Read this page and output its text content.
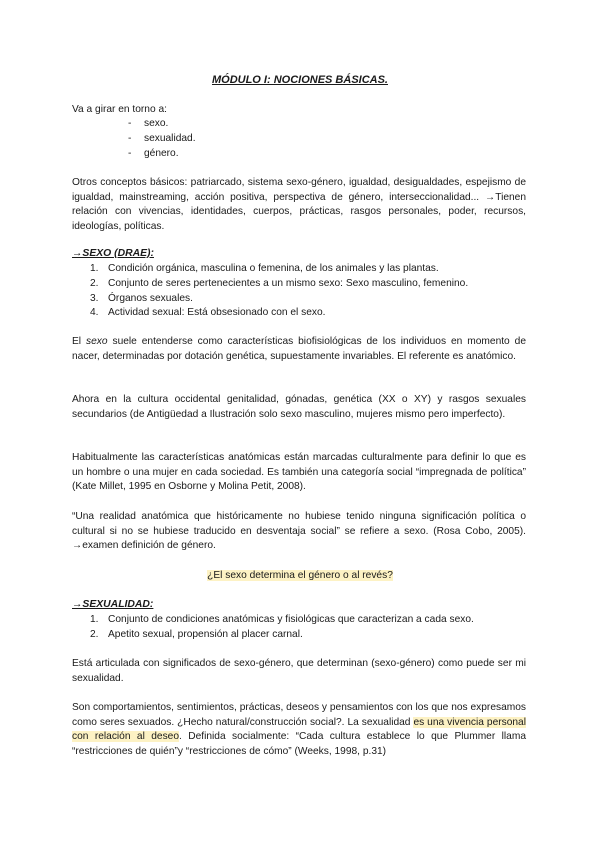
MÓDULO I: NOCIONES BÁSICAS.
Va a girar en torno a:
- sexo.
- sexualidad.
- género.

Otros conceptos básicos: patriarcado, sistema sexo-género, igualdad, desigualdades, espejismo de igualdad, mainstreaming, acción positiva, perspectiva de género, interseccionalidad... →Tienen relación con vivencias, identidades, cuerpos, prácticas, rasgos personales, poder, recursos, ideologías, políticas.

→SEXO (DRAE):
1. Condición orgánica, masculina o femenina, de los animales y las plantas.
2. Conjunto de seres pertenecientes a un mismo sexo: Sexo masculino, femenino.
3. Órganos sexuales.
4. Actividad sexual: Está obsesionado con el sexo.

El sexo suele entenderse como características biofisiológicas de los individuos en momento de nacer, determinadas por dotación genética, supuestamente invariables. El referente es anatómico.

Ahora en la cultura occidental genitalidad, gónadas, genética (XX o XY) y rasgos sexuales secundarios (de Antigüedad a Ilustración solo sexo masculino, mujeres mismo pero imperfecto).

Habitualmente las características anatómicas están marcadas culturalmente para definir lo que es un hombre o una mujer en cada sociedad. Es también una categoría social “impregnada de política” (Kate Millet, 1995 en Osborne y Molina Petit, 2008).

“Una realidad anatómica que históricamente no hubiese tenido ninguna significación política o cultural si no se hubiese traducido en desventaja social” se refiere a sexo. (Rosa Cobo, 2005). →examen definición de género.

¿El sexo determina el género o al revés?
→SEXUALIDAD:
1. Conjunto de condiciones anatómicas y fisiológicas que caracterizan a cada sexo.
2. Apetito sexual, propensión al placer carnal.

Está articulada con significados de sexo-género, que determinan (sexo-género) como puede ser mi sexualidad.

Son comportamientos, sentimientos, prácticas, deseos y pensamientos con los que nos expresamos como seres sexuados. ¿Hecho natural/construcción social?. La sexualidad es una vivencia personal con relación al deseo. Definida socialmente: “Cada cultura establece lo que Plummer llama “restricciones de quién”y “restricciones de cómo” (Weeks, 1998, p.31)
